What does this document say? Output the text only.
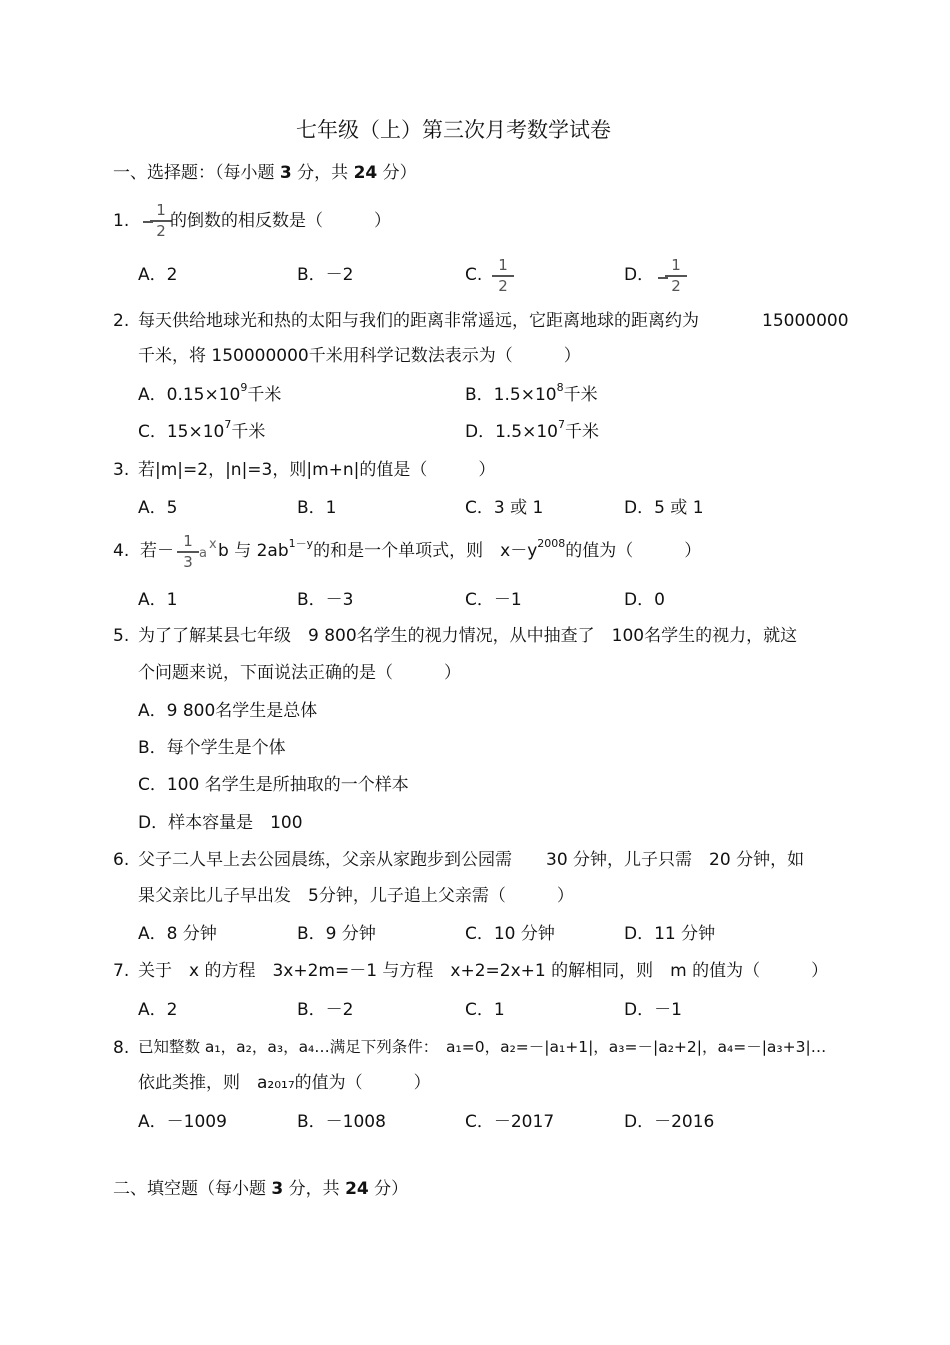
七年级（上）第三次月考数学试卷
一、选择题：（每小题 3 分，共 24 分）
1.
1
2 的倒数的相反数是（　　　）
A．2	B．－2	C.	1
2
D．	1
2
2. 每天供给地球光和热的太阳与我们的距离非常遥远，它距离地球的距离约为	15000000
千米，将 150000000千米用科学记数法表示为（　　　）
A．$0.15\times 10^9$千米	B．$1.5\times 10^8$千米
C．$15\times 10^7$千米	D．$1.5\times 10^7$千米
3. 若|m|=2，|n|=3，则|m+n|的值是（　　　）
A．5	B．1	C．3 或 1	D．5 或 1
4. 若－ 1
3 a
x b 与 $2ab^{1-y}$的和是一个单项式，则　$x-y^{2008}$的值为（　　　）
A．1	B．－3	C．－1	D．0
5. 为了了解某县七年级　9 800名学生的视力情况，从中抽查了　100名学生的视力，就这
个问题来说，下面说法正确的是（　　　）
A．9 800名学生是总体
B．每个学生是个体
C．100 名学生是所抽取的一个样本
D．样本容量是　100
6. 父子二人早上去公园晨练，父亲从家跑步到公园需　　30 分钟，儿子只需　20 分钟，如
果父亲比儿子早出发　5分钟，儿子追上父亲需（　　　）
A．8 分钟	B．9 分钟	C．10 分钟	D．11 分钟
7. 关于　x 的方程　3x+2m=－1 与方程　x+2=2x+1 的解相同，则　m 的值为（　　　）
A．2	B．－2	C．1	D．－1
8. 已知整数 a₁，a₂，a₃，a₄…满足下列条件：　a₁=0，a₂=－|a₁+1|，a₃=－|a₂+2|，a₄=－|a₃+3|…
依此类推，则　a₂₀₁₇的值为（　　　）
A．－1009	B．－1008	C．－2017	D．－2016
二、填空题（每小题 3 分，共 24 分）
